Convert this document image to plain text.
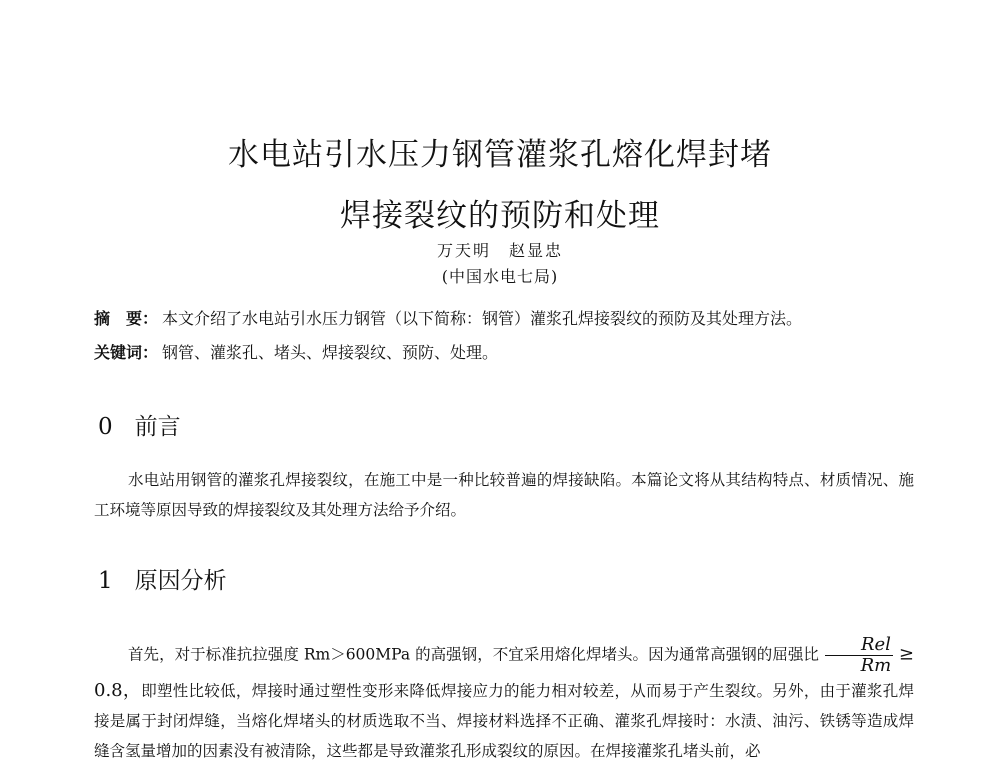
水电站引水压力钢管灌浆孔熔化焊封堵
焊接裂纹的预防和处理
万天明　赵显忠
(中国水电七局)
摘　要： 本文介绍了水电站引水压力钢管（以下简称：钢管）灌浆孔焊接裂纹的预防及其处理方法。
关键词： 钢管、灌浆孔、堵头、焊接裂纹、预防、处理。
0 前言
水电站用钢管的灌浆孔焊接裂纹，在施工中是一种比较普遍的焊接缺陷。本篇论文将从其结构特点、材质情况、施工环境等原因导致的焊接裂纹及其处理方法给予介绍。
1 原因分析
首先，对于标准抗拉强度 Rm＞600MPa 的高强钢，不宜采用熔化焊堵头。因为通常高强钢的屈强比 $\frac{\text{Rel}}{Rm} \ge 0.8$，即塑性比较低，焊接时通过塑性变形来降低焊接应力的能力相对较差，从而易于产生裂纹。另外，由于灌浆孔焊接是属于封闭焊缝，当熔化焊堵头的材质选取不当、焊接材料选择不正确、灌浆孔焊接时：水渍、油污、铁锈等造成焊缝含氢量增加的因素没有被清除，这些都是导致灌浆孔形成裂纹的原因。在焊接灌浆孔堵头前，必
